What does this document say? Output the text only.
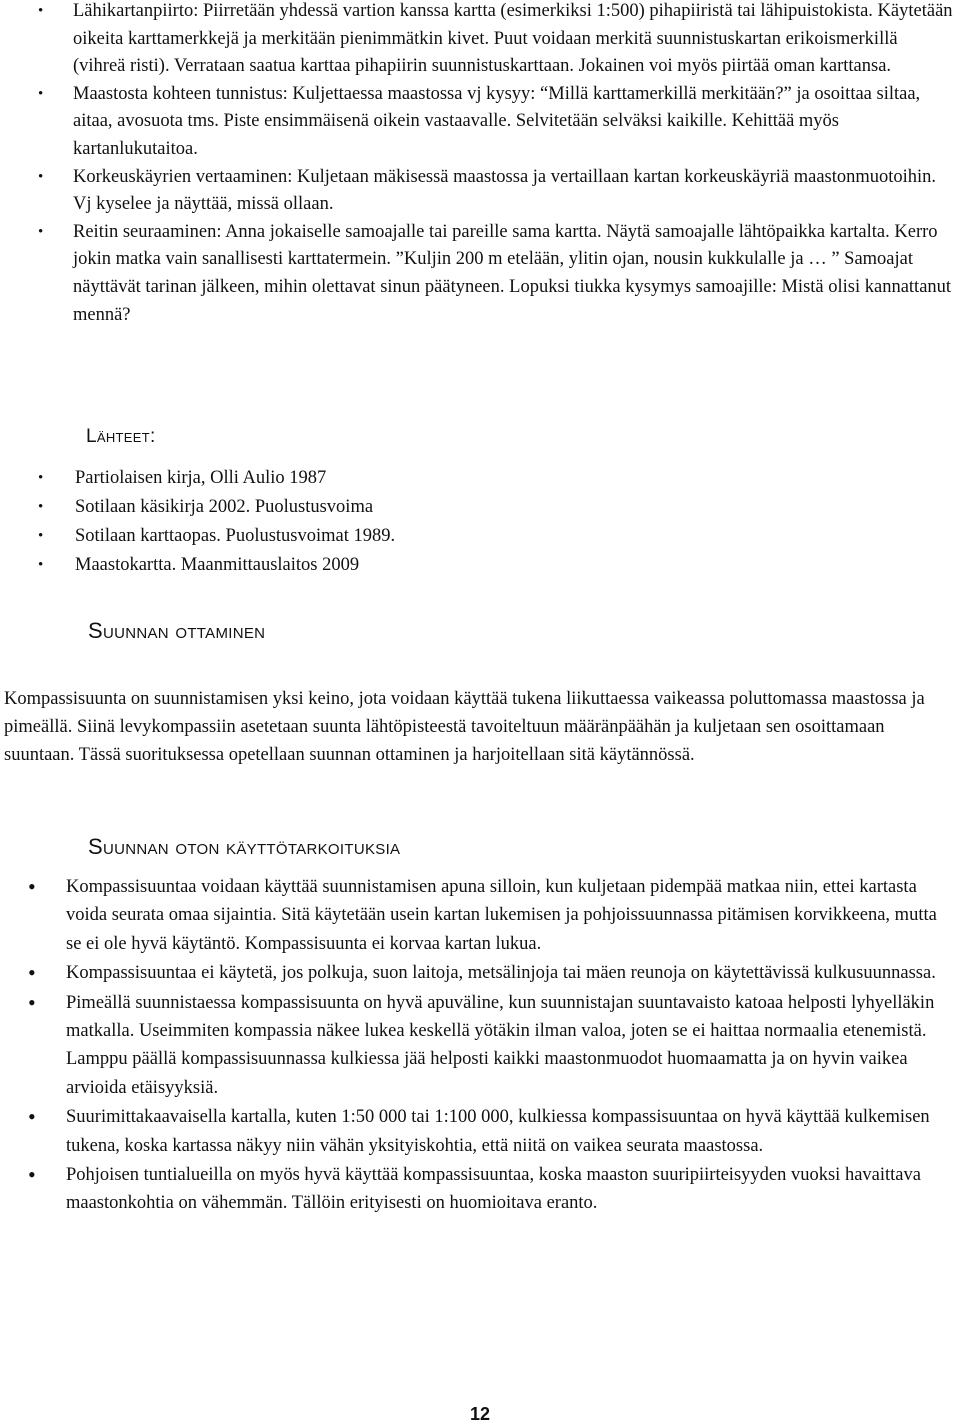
• Lähikartanpiirto: Piirretään yhdessä vartion kanssa kartta (esimerkiksi 1:500) pihapiiristä tai lähipuistokista. Käytetään oikeita karttamerkkejä ja merkitään pienimmätkin kivet. Puut voidaan merkitä suunnistuskartan erikoismerkillä (vihreä risti). Verrataan saatua karttaa pihapiirin suunnistuskarttaan. Jokainen voi myös piirtää oman karttansa.
• Maastosta kohteen tunnistus: Kuljettaessa maastossa vj kysyy: “Millä karttamerkillä merkitään?” ja osoittaa siltaa, aitaa, avosuota tms. Piste ensimmäisenä oikein vastaavalle. Selvitetään selväksi kaikille. Kehittää myös kartanlukutaitoa.
• Korkeuskäyrien vertaaminen: Kuljetaan mäkisessä maastossa ja vertaillaan kartan korkeuskäyriä maastonmuotoihin. Vj kyselee ja näyttää, missä ollaan.
• Reitin seuraaminen: Anna jokaiselle samoajalle tai pareille sama kartta. Näytä samoajalle lähtöpaikka kartalta. Kerro jokin matka vain sanallisesti karttatermein. ”Kuljin 200 m etelään, ylitin ojan, nousin kukkulalle ja … ” Samoajat näyttävät tarinan jälkeen, mihin olettavat sinun päätyneen. Lopuksi tiukka kysymys samoajille: Mistä olisi kannattanut mennä?
Lähteet:
• Partiolaisen kirja, Olli Aulio 1987
• Sotilaan käsikirja 2002. Puolustusvoima
• Sotilaan karttaopas. Puolustusvoimat 1989.
• Maastokartta. Maanmittauslaitos 2009
Suunnan ottaminen

Kompassisuunta on suunnistamisen yksi keino, jota voidaan käyttää tukena liikuttaessa vaikeassa poluttomassa maastossa ja pimeällä. Siinä levykompassiin asetetaan suunta lähtöpisteestä tavoiteltuun määränpäähän ja kuljetaan sen osoittamaan suuntaan. Tässä suorituksessa opetellaan suunnan ottaminen ja harjoitellaan sitä käytännössä.

Suunnan oton käyttötarkoituksia
• Kompassisuuntaa voidaan käyttää suunnistamisen apuna silloin, kun kuljetaan pidempää matkaa niin, ettei kartasta voida seurata omaa sijaintia. Sitä käytetään usein kartan lukemisen ja pohjoissuunnassa pitämisen korvikkeena, mutta se ei ole hyvä käytäntö. Kompassisuunta ei korvaa kartan lukua.
• Kompassisuuntaa ei käytetä, jos polkuja, suon laitoja, metsälinjoja tai mäen reunoja on käytettävissä kulkusuunnassa.
• Pimeällä suunnistaessa kompassisuunta on hyvä apuväline, kun suunnistajan suuntavaisto katoaa helposti lyhyelläkin matkalla. Useimmiten kompassia näkee lukea keskellä yötäkin ilman valoa, joten se ei haittaa normaalia etenemistä. Lamppu päällä kompassisuunnassa kulkiessa jää helposti kaikki maastonmuodot huomaamatta ja on hyvin vaikea arvioida etäisyyksiä.
• Suurimittakaavaisella kartalla, kuten 1:50 000 tai 1:100 000, kulkiessa kompassisuuntaa on hyvä käyttää kulkemisen tukena, koska kartassa näkyy niin vähän yksityiskohtia, että niitä on vaikea seurata maastossa.
• Pohjoisen tuntialueilla on myös hyvä käyttää kompassisuuntaa, koska maaston suuripiirteisyyden vuoksi havaittava maastonkohtia on vähemmän. Tällöin erityisesti on huomioitava eranto.

12
